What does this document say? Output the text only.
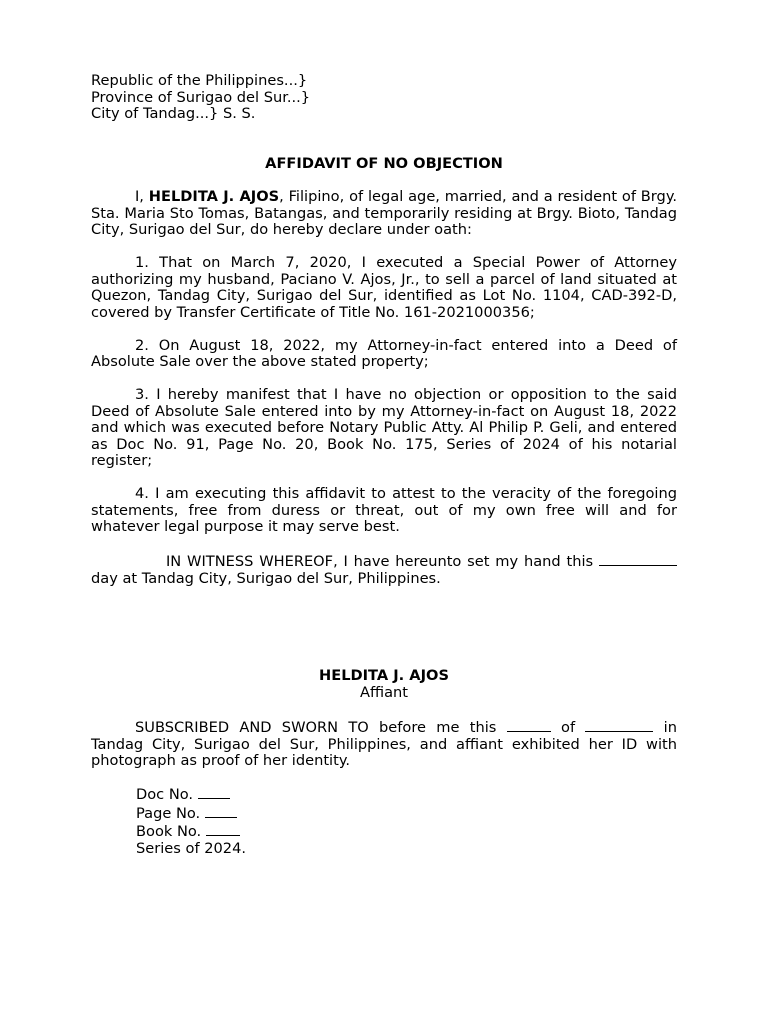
Republic of the Philippines...}
Province of Surigao del Sur...}
City of Tandag...} S. S.
AFFIDAVIT OF NO OBJECTION

I, HELDITA J. AJOS, Filipino, of legal age, married, and a resident of Brgy. Sta. Maria Sto Tomas, Batangas, and temporarily residing at Brgy. Bioto, Tandag City, Surigao del Sur, do hereby declare under oath:

1. That on March 7, 2020, I executed a Special Power of Attorney authorizing my husband, Paciano V. Ajos, Jr., to sell a parcel of land situated at Quezon, Tandag City, Surigao del Sur, identified as Lot No. 1104, CAD-392-D, covered by Transfer Certificate of Title No. 161-2021000356;

2. On August 18, 2022, my Attorney-in-fact entered into a Deed of Absolute Sale over the above stated property;

3. I hereby manifest that I have no objection or opposition to the said Deed of Absolute Sale entered into by my Attorney-in-fact on August 18, 2022 and which was executed before Notary Public Atty. Al Philip P. Geli, and entered as Doc No. 91, Page No. 20, Book No. 175, Series of 2024 of his notarial register;

4. I am executing this affidavit to attest to the veracity of the foregoing statements, free from duress or threat, out of my own free will and for whatever legal purpose it may serve best.

IN WITNESS WHEREOF, I have hereunto set my hand this day at Tandag City, Surigao del Sur, Philippines.

HELDITA J. AJOS
Affiant
SUBSCRIBED AND SWORN TO before me this	of	in Tandag City, Surigao del Sur, Philippines, and affiant exhibited her ID with photograph as proof of her identity.
Doc No.
Page No.
Book No.
Series of 2024.
